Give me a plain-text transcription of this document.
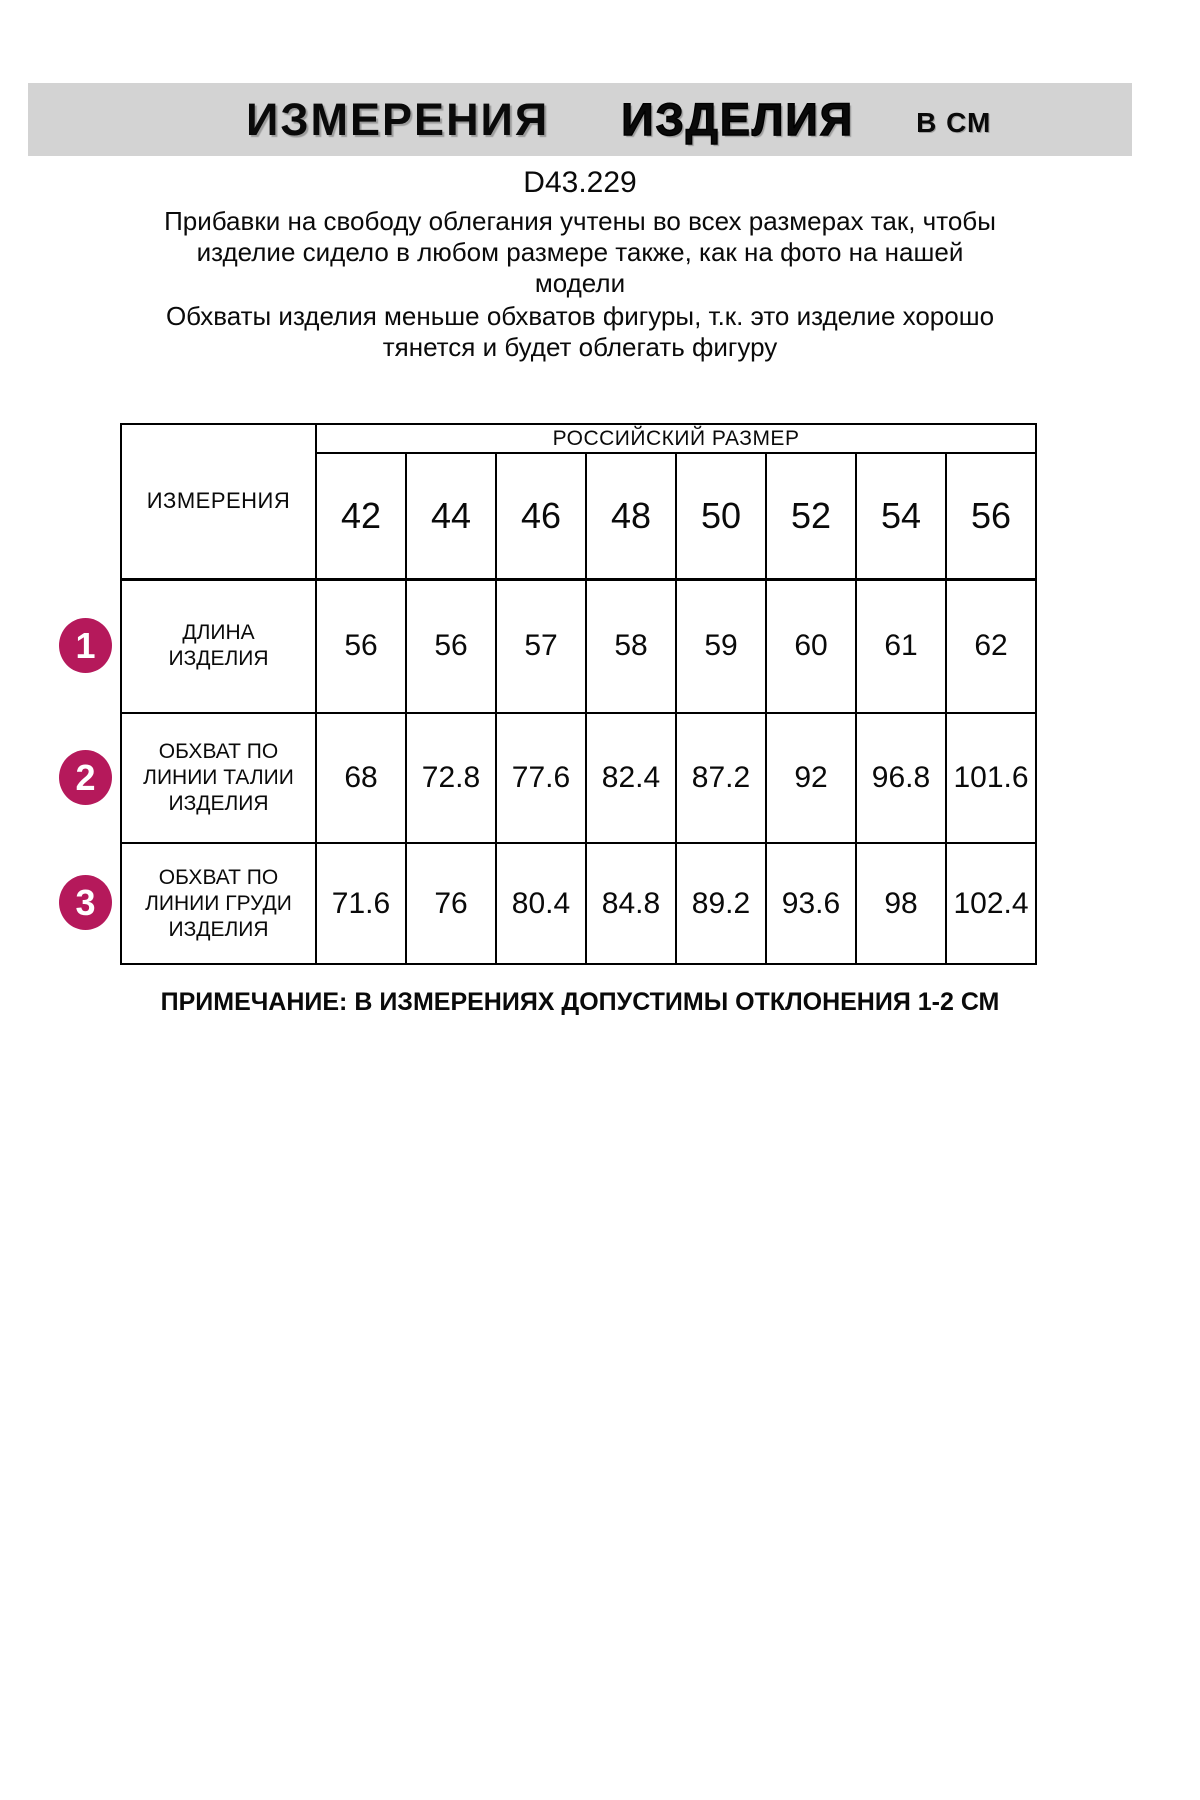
ИЗМЕРЕНИЯ ИЗДЕЛИЯ В СМ
D43.229
Прибавки на свободу облегания учтены во всех размерах так, чтобы
изделие сидело в любом размере также, как на фото на нашей
модели
Обхваты изделия меньше обхватов фигуры, т.к. это изделие хорошо
тянется и будет облегать фигуру
ИЗМЕРЕНИЯ	РОССИЙСКИЙ РАЗМЕР							
	42	44	46	48	50	52	54	56

ДЛИНА
ИЗДЕЛИЯ	56	56	57	58	59	60	61	62

ОБХВАТ ПО
ЛИНИИ ТАЛИИ
ИЗДЕЛИЯ	68	72.8	77.6	82.4	87.2	92	96.8	101.6

ОБХВАТ ПО
ЛИНИИ ГРУДИ
ИЗДЕЛИЯ	71.6	76	80.4	84.8	89.2	93.6	98	102.4
1
2
3
ПРИМЕЧАНИЕ: В ИЗМЕРЕНИЯХ ДОПУСТИМЫ ОТКЛОНЕНИЯ 1-2 СМ
